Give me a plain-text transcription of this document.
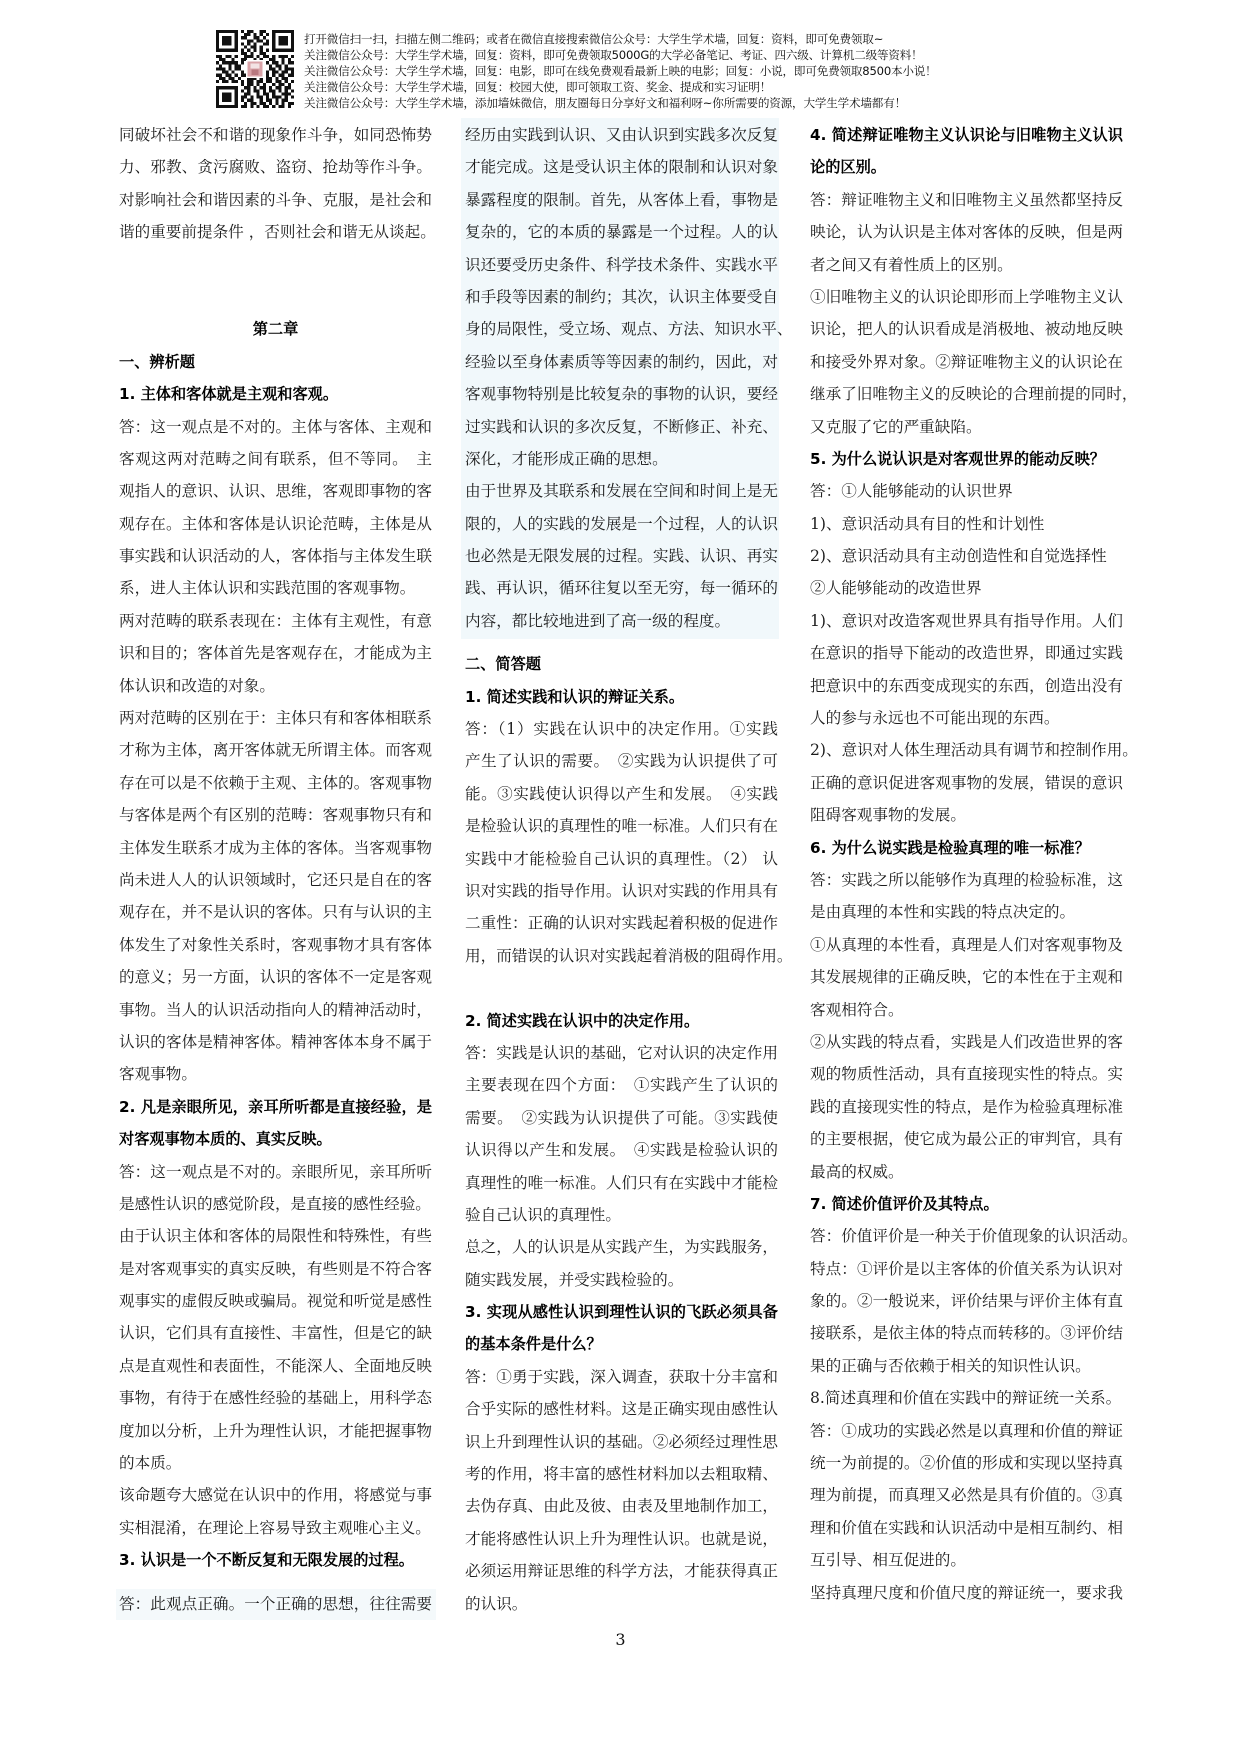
打开微信扫一扫，扫描左侧二维码；或者在微信直接搜索微信公众号：大学生学术墙，回复：资料，即可免费领取~
关注微信公众号：大学生学术墙，回复：资料，即可免费领取5000G的大学必备笔记、考证、四六级、计算机二级等资料！
关注微信公众号：大学生学术墙，回复：电影，即可在线免费观看最新上映的电影；回复：小说，即可免费领取8500本小说！
关注微信公众号：大学生学术墙，回复：校园大使，即可领取工资、奖金、提成和实习证明！
关注微信公众号：大学生学术墙，添加墙妹微信，朋友圈每日分享好文和福利呀~你所需要的资源，大学生学术墙都有！
同破坏社会不和谐的现象作斗争，如同恐怖势
力、邪教、贪污腐败、盗窃、抢劫等作斗争。
对影响社会和谐因素的斗争、克服，是社会和
谐的重要前提条件 ，否则社会和谐无从谈起。
第二章
一、辨析题
1. 主体和客体就是主观和客观。
答：这一观点是不对的。主体与客体、主观和
客观这两对范畴之间有联系，但不等同。　主
观指人的意识、认识、思维，客观即事物的客
观存在。主体和客体是认识论范畴，主体是从
事实践和认识活动的人，客体指与主体发生联
系，进人主体认识和实践范围的客观事物。
两对范畴的联系表现在：主体有主观性，有意
识和目的；客体首先是客观存在，才能成为主
体认识和改造的对象。
两对范畴的区别在于：主体只有和客体相联系
才称为主体，离开客体就无所谓主体。而客观
存在可以是不依赖于主观、主体的。客观事物
与客体是两个有区别的范畴：客观事物只有和
主体发生联系才成为主体的客体。当客观事物
尚未进人人的认识领域时，它还只是自在的客
观存在，并不是认识的客体。只有与认识的主
体发生了对象性关系时，客观事物才具有客体
的意义；另一方面，认识的客体不一定是客观
事物。当人的认识活动指向人的精神活动时，
认识的客体是精神客体。精神客体本身不属于
客观事物。
2. 凡是亲眼所见，亲耳所听都是直接经验，是
对客观事物本质的、真实反映。
答：这一观点是不对的。亲眼所见，亲耳所听
是感性认识的感觉阶段，是直接的感性经验。
由于认识主体和客体的局限性和特殊性，有些
是对客观事实的真实反映，有些则是不符合客
观事实的虚假反映或骗局。视觉和听觉是感性
认识，它们具有直接性、丰富性，但是它的缺
点是直观性和表面性，不能深人、全面地反映
事物，有待于在感性经验的基础上，用科学态
度加以分析，上升为理性认识，才能把握事物
的本质。
该命题夸大感觉在认识中的作用，将感觉与事
实相混淆，在理论上容易导致主观唯心主义。
3. 认识是一个不断反复和无限发展的过程。
答：此观点正确。一个正确的思想，往往需要
经历由实践到认识、又由认识到实践多次反复
才能完成。这是受认识主体的限制和认识对象
暴露程度的限制。首先，从客体上看，事物是
复杂的，它的本质的暴露是一个过程。人的认
识还要受历史条件、科学技术条件、实践水平
和手段等因素的制约；其次，认识主体要受自
身的局限性，受立场、观点、方法、知识水平、
经验以至身体素质等等因素的制约，因此，对
客观事物特别是比较复杂的事物的认识，要经
过实践和认识的多次反复，不断修正、补充、
深化，才能形成正确的思想。
由于世界及其联系和发展在空间和时间上是无
限的，人的实践的发展是一个过程，人的认识
也必然是无限发展的过程。实践、认识、再实
践、再认识，循环往复以至无穷，每一循环的
内容，都比较地进到了高一级的程度。
二、简答题
1. 简述实践和认识的辩证关系。
答：（1）实践在认识中的决定作用。①实践
产生了认识的需要。　②实践为认识提供了可
能。③实践使认识得以产生和发展。　④实践
是检验认识的真理性的唯一标准。人们只有在
实践中才能检验自己认识的真理性。（2） 认
识对实践的指导作用。认识对实践的作用具有
二重性：正确的认识对实践起着积极的促进作
用，而错误的认识对实践起着消极的阻碍作用。
2. 简述实践在认识中的决定作用。
答：实践是认识的基础，它对认识的决定作用
主要表现在四个方面：　①实践产生了认识的
需要。　②实践为认识提供了可能。③实践使
认识得以产生和发展。　④实践是检验认识的
真理性的唯一标准。人们只有在实践中才能检
验自己认识的真理性。
总之，人的认识是从实践产生，为实践服务，
随实践发展，并受实践检验的。
3. 实现从感性认识到理性认识的飞跃必须具备
的基本条件是什么？
答：①勇于实践，深入调查，获取十分丰富和
合乎实际的感性材料。这是正确实现由感性认
识上升到理性认识的基础。②必须经过理性思
考的作用，将丰富的感性材料加以去粗取精、
去伪存真、由此及彼、由表及里地制作加工，
才能将感性认识上升为理性认识。也就是说，
必须运用辩证思维的科学方法，才能获得真正
的认识。
4. 简述辩证唯物主义认识论与旧唯物主义认识
论的区别。
答：辩证唯物主义和旧唯物主义虽然都坚持反
映论，认为认识是主体对客体的反映，但是两
者之间又有着性质上的区别。
①旧唯物主义的认识论即形而上学唯物主义认
识论，把人的认识看成是消极地、被动地反映
和接受外界对象。②辩证唯物主义的认识论在
继承了旧唯物主义的反映论的合理前提的同时，
又克服了它的严重缺陷。
5. 为什么说认识是对客观世界的能动反映？
答：①人能够能动的认识世界
1)、意识活动具有目的性和计划性
2)、意识活动具有主动创造性和自觉选择性
②人能够能动的改造世界
1)、意识对改造客观世界具有指导作用。人们
在意识的指导下能动的改造世界，即通过实践
把意识中的东西变成现实的东西，创造出没有
人的参与永远也不可能出现的东西。
2)、意识对人体生理活动具有调节和控制作用。
正确的意识促进客观事物的发展，错误的意识
阻碍客观事物的发展。
6. 为什么说实践是检验真理的唯一标准？
答：实践之所以能够作为真理的检验标准，这
是由真理的本性和实践的特点决定的。
①从真理的本性看，真理是人们对客观事物及
其发展规律的正确反映，它的本性在于主观和
客观相符合。
②从实践的特点看，实践是人们改造世界的客
观的物质性活动，具有直接现实性的特点。实
践的直接现实性的特点，是作为检验真理标准
的主要根据，使它成为最公正的审判官，具有
最高的权威。
7. 简述价值评价及其特点。
答：价值评价是一种关于价值现象的认识活动。
特点：①评价是以主客体的价值关系为认识对
象的。②一般说来，评价结果与评价主体有直
接联系，是依主体的特点而转移的。③评价结
果的正确与否依赖于相关的知识性认识。
8.简述真理和价值在实践中的辩证统一关系。
答：①成功的实践必然是以真理和价值的辩证
统一为前提的。②价值的形成和实现以坚持真
理为前提，而真理又必然是具有价值的。③真
理和价值在实践和认识活动中是相互制约、相
互引导、相互促进的。
坚持真理尺度和价值尺度的辩证统一，要求我
3
